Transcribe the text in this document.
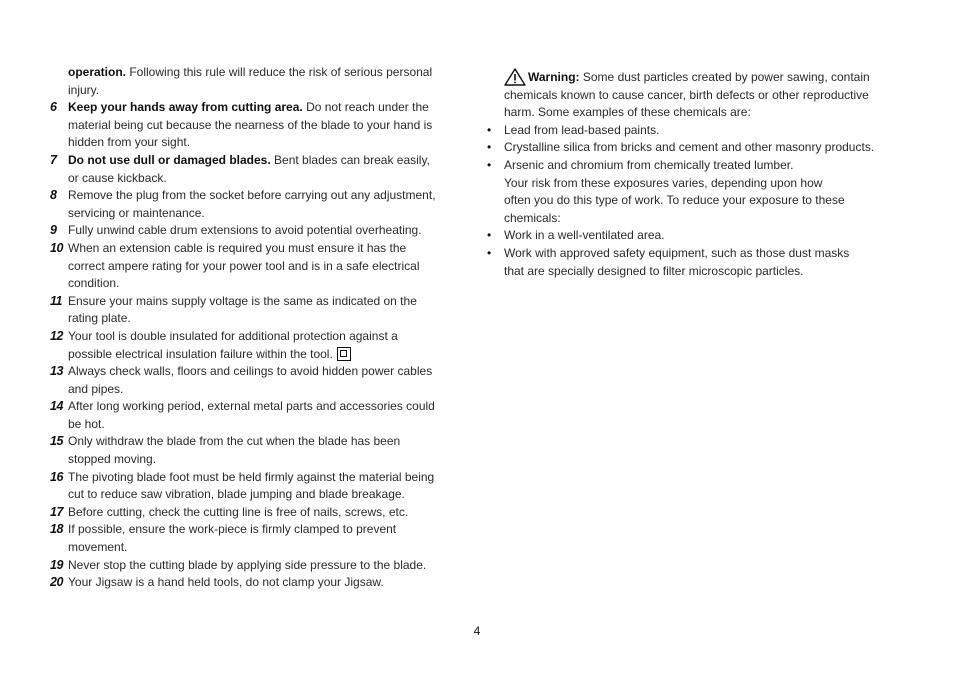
operation. Following this rule will reduce the risk of serious personal
injury.
6 Keep your hands away from cutting area. Do not reach under the
material being cut because the nearness of the blade to your hand is
hidden from your sight.
7 Do not use dull or damaged blades. Bent blades can break easily,
or cause kickback.
8 Remove the plug from the socket before carrying out any adjustment,
servicing or maintenance.
9 Fully unwind cable drum extensions to avoid potential overheating.
10 When an extension cable is required you must ensure it has the
correct ampere rating for your power tool and is in a safe electrical
condition.
11 Ensure your mains supply voltage is the same as indicated on the
rating plate.
12 Your tool is double insulated for additional protection against a
possible electrical insulation failure within the tool.
13 Always check walls, floors and ceilings to avoid hidden power cables
and pipes.
14 After long working period, external metal parts and accessories could
be hot.
15 Only withdraw the blade from the cut when the blade has been
stopped moving.
16 The pivoting blade foot must be held firmly against the material being
cut to reduce saw vibration, blade jumping and blade breakage.
17 Before cutting, check the cutting line is free of nails, screws, etc.
18 If possible, ensure the work-piece is firmly clamped to prevent
movement.
19 Never stop the cutting blade by applying side pressure to the blade.
20 Your Jigsaw is a hand held tools, do not clamp your Jigsaw.
Warning: Some dust particles created by power sawing, contain
chemicals known to cause cancer, birth defects or other reproductive
harm. Some examples of these chemicals are:
• Lead from lead-based paints.
• Crystalline silica from bricks and cement and other masonry products.
• Arsenic and chromium from chemically treated lumber.
Your risk from these exposures varies, depending upon how
often you do this type of work. To reduce your exposure to these
chemicals:
• Work in a well-ventilated area.
• Work with approved safety equipment, such as those dust masks
that are specially designed to filter microscopic particles.
4
